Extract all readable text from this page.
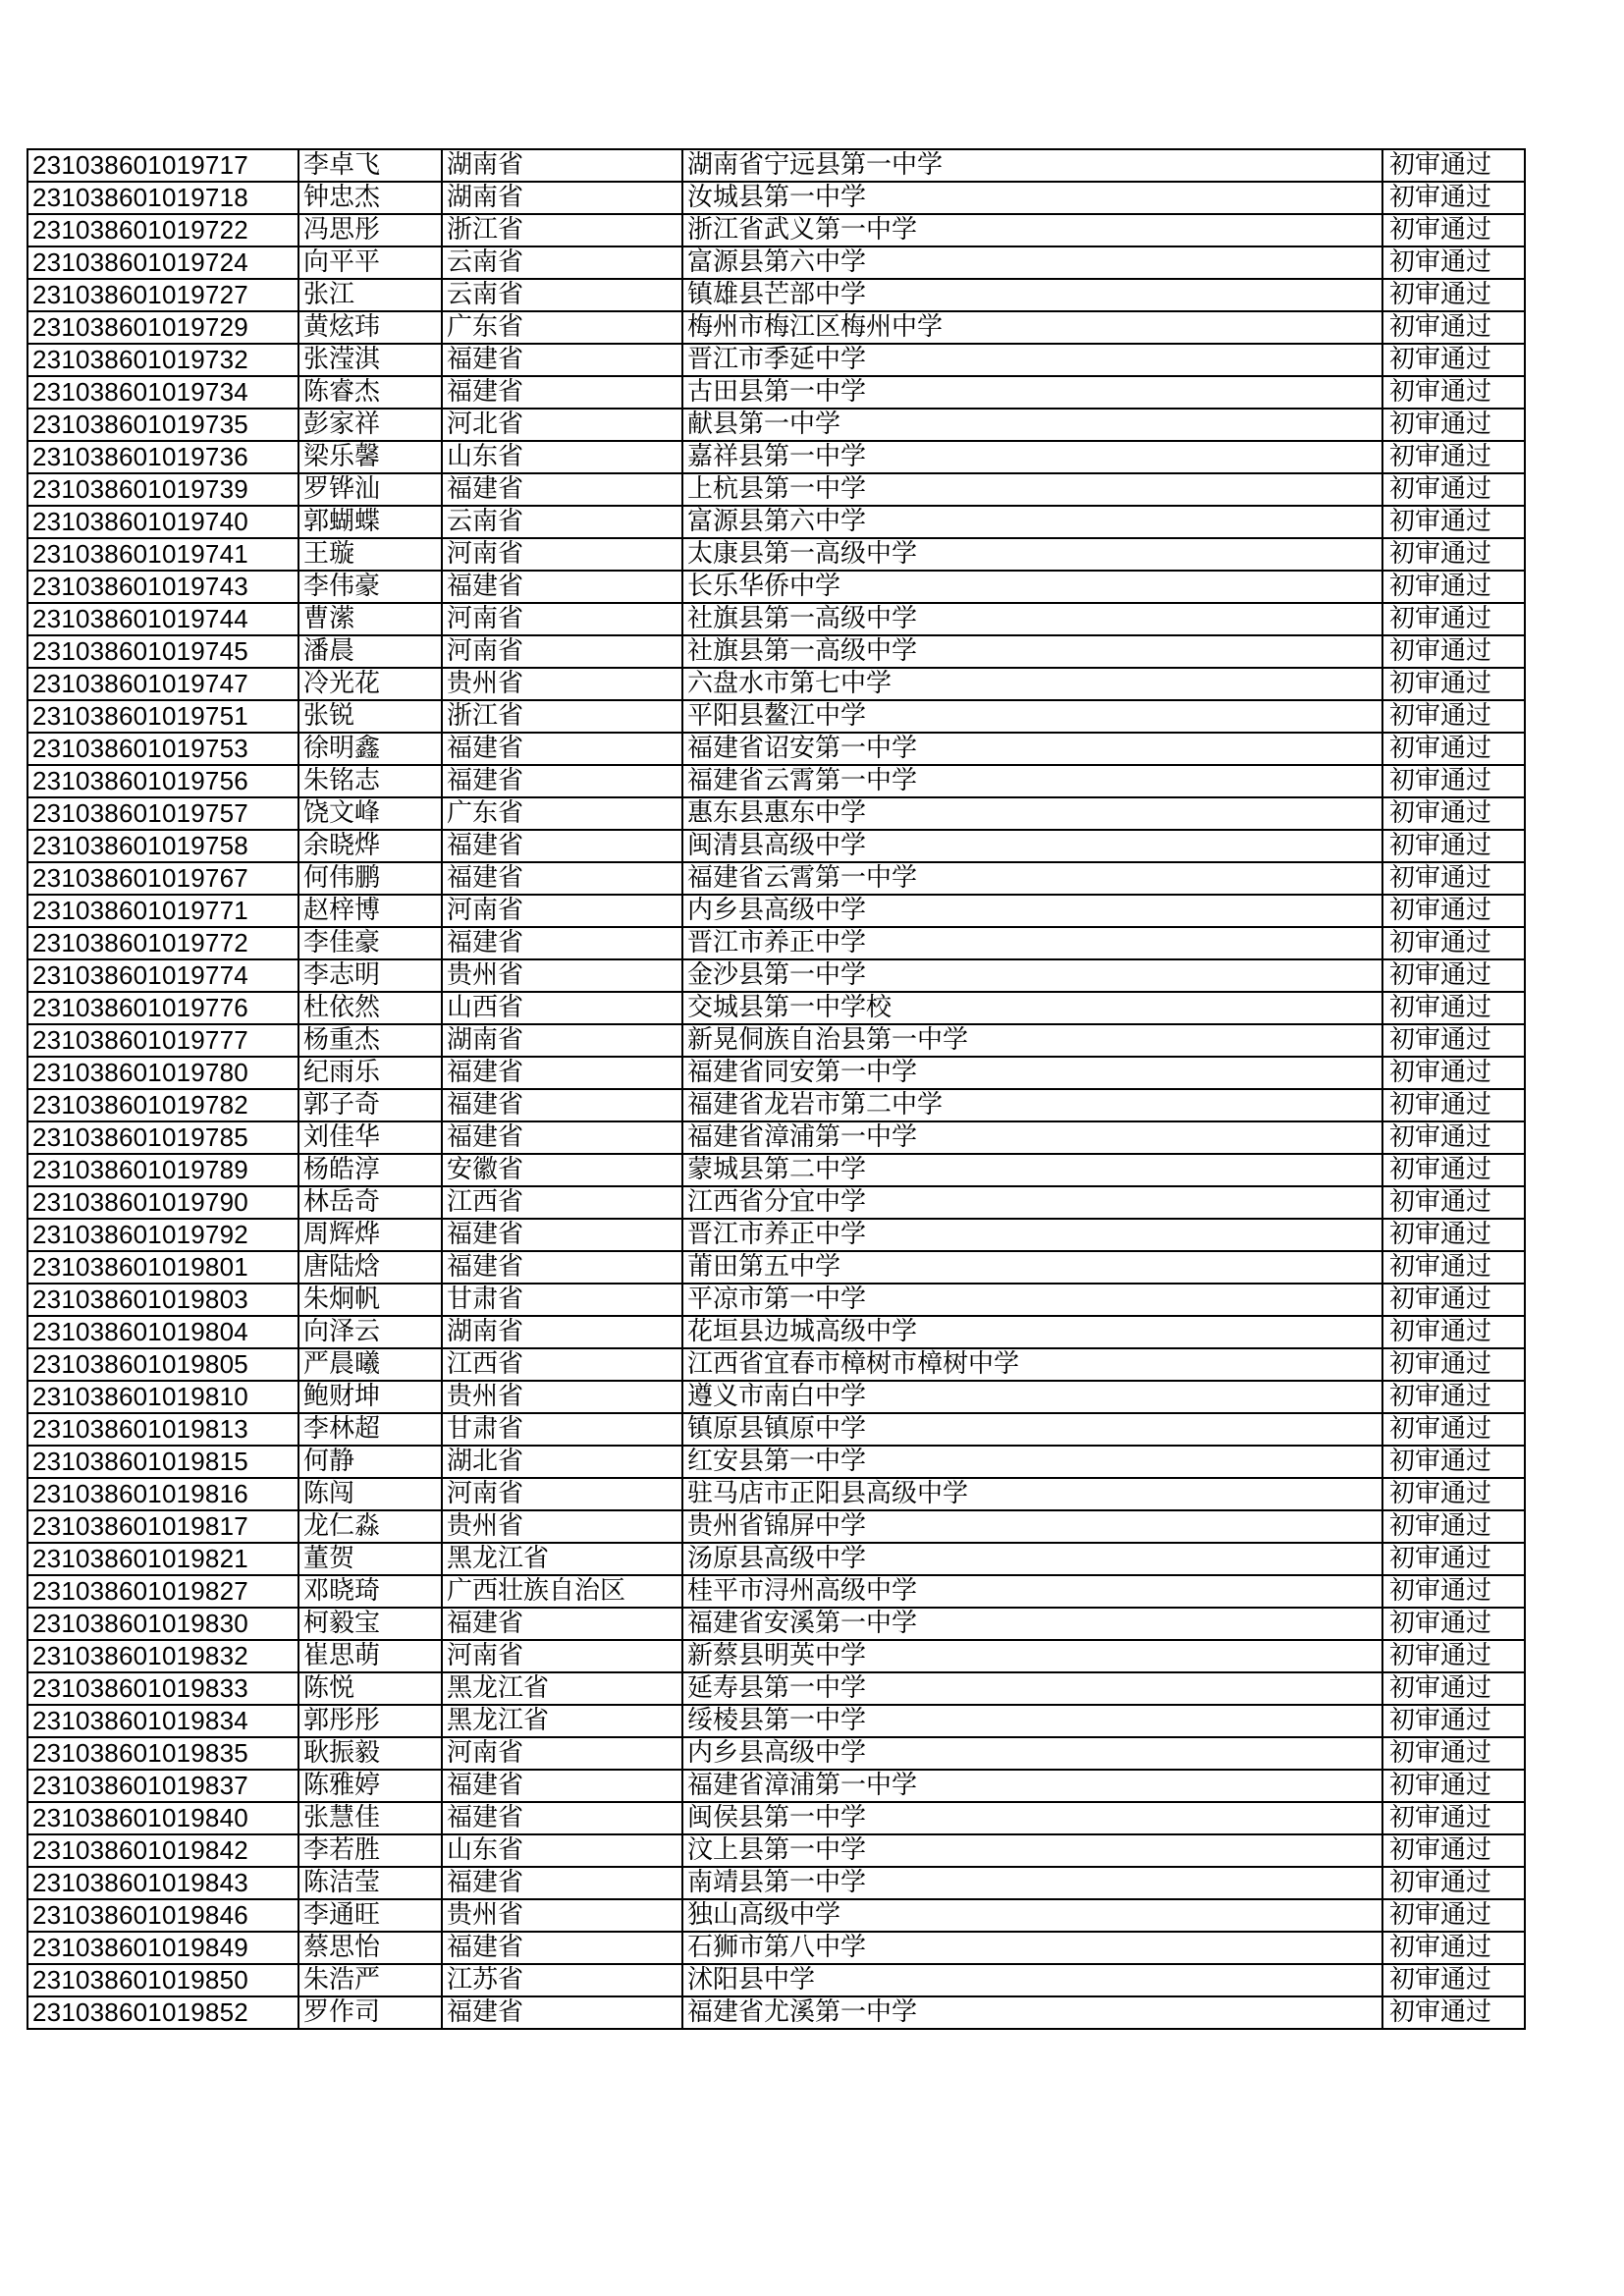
231038601019717	李卓飞	湖南省	湖南省宁远县第一中学	初审通过
231038601019718	钟忠杰	湖南省	汝城县第一中学	初审通过
231038601019722	冯思彤	浙江省	浙江省武义第一中学	初审通过
231038601019724	向平平	云南省	富源县第六中学	初审通过
231038601019727	张江	云南省	镇雄县芒部中学	初审通过
231038601019729	黄炫玮	广东省	梅州市梅江区梅州中学	初审通过
231038601019732	张滢淇	福建省	晋江市季延中学	初审通过
231038601019734	陈睿杰	福建省	古田县第一中学	初审通过
231038601019735	彭家祥	河北省	献县第一中学	初审通过
231038601019736	梁乐馨	山东省	嘉祥县第一中学	初审通过
231038601019739	罗铧汕	福建省	上杭县第一中学	初审通过
231038601019740	郭蝴蝶	云南省	富源县第六中学	初审通过
231038601019741	王璇	河南省	太康县第一高级中学	初审通过
231038601019743	李伟豪	福建省	长乐华侨中学	初审通过
231038601019744	曹潆	河南省	社旗县第一高级中学	初审通过
231038601019745	潘晨	河南省	社旗县第一高级中学	初审通过
231038601019747	冷光花	贵州省	六盘水市第七中学	初审通过
231038601019751	张锐	浙江省	平阳县鳌江中学	初审通过
231038601019753	徐明鑫	福建省	福建省诏安第一中学	初审通过
231038601019756	朱铭志	福建省	福建省云霄第一中学	初审通过
231038601019757	饶文峰	广东省	惠东县惠东中学	初审通过
231038601019758	余晓烨	福建省	闽清县高级中学	初审通过
231038601019767	何伟鹏	福建省	福建省云霄第一中学	初审通过
231038601019771	赵梓博	河南省	内乡县高级中学	初审通过
231038601019772	李佳豪	福建省	晋江市养正中学	初审通过
231038601019774	李志明	贵州省	金沙县第一中学	初审通过
231038601019776	杜依然	山西省	交城县第一中学校	初审通过
231038601019777	杨重杰	湖南省	新晃侗族自治县第一中学	初审通过
231038601019780	纪雨乐	福建省	福建省同安第一中学	初审通过
231038601019782	郭子奇	福建省	福建省龙岩市第二中学	初审通过
231038601019785	刘佳华	福建省	福建省漳浦第一中学	初审通过
231038601019789	杨皓淳	安徽省	蒙城县第二中学	初审通过
231038601019790	林岳奇	江西省	江西省分宜中学	初审通过
231038601019792	周辉烨	福建省	晋江市养正中学	初审通过
231038601019801	唐陆焓	福建省	莆田第五中学	初审通过
231038601019803	朱炯帆	甘肃省	平凉市第一中学	初审通过
231038601019804	向泽云	湖南省	花垣县边城高级中学	初审通过
231038601019805	严晨曦	江西省	江西省宜春市樟树市樟树中学	初审通过
231038601019810	鲍财坤	贵州省	遵义市南白中学	初审通过
231038601019813	李林超	甘肃省	镇原县镇原中学	初审通过
231038601019815	何静	湖北省	红安县第一中学	初审通过
231038601019816	陈闯	河南省	驻马店市正阳县高级中学	初审通过
231038601019817	龙仁淼	贵州省	贵州省锦屏中学	初审通过
231038601019821	董贺	黑龙江省	汤原县高级中学	初审通过
231038601019827	邓晓琦	广西壮族自治区	桂平市浔州高级中学	初审通过
231038601019830	柯毅宝	福建省	福建省安溪第一中学	初审通过
231038601019832	崔思萌	河南省	新蔡县明英中学	初审通过
231038601019833	陈悦	黑龙江省	延寿县第一中学	初审通过
231038601019834	郭彤彤	黑龙江省	绥棱县第一中学	初审通过
231038601019835	耿振毅	河南省	内乡县高级中学	初审通过
231038601019837	陈雅婷	福建省	福建省漳浦第一中学	初审通过
231038601019840	张慧佳	福建省	闽侯县第一中学	初审通过
231038601019842	李若胜	山东省	汶上县第一中学	初审通过
231038601019843	陈洁莹	福建省	南靖县第一中学	初审通过
231038601019846	李通旺	贵州省	独山高级中学	初审通过
231038601019849	蔡思怡	福建省	石狮市第八中学	初审通过
231038601019850	朱浩严	江苏省	沭阳县中学	初审通过
231038601019852	罗作司	福建省	福建省尤溪第一中学	初审通过
